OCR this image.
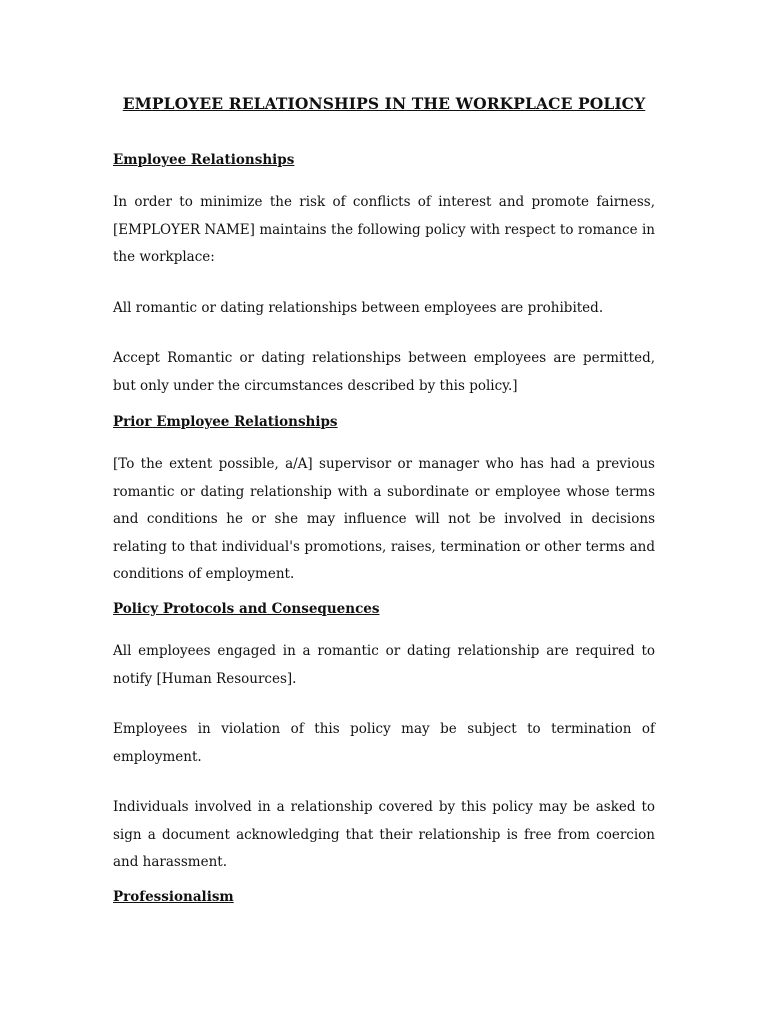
EMPLOYEE RELATIONSHIPS IN THE WORKPLACE POLICY
Employee Relationships

In order to minimize the risk of conflicts of interest and promote fairness, [EMPLOYER NAME] maintains the following policy with respect to romance in the workplace:

All romantic or dating relationships between employees are prohibited.

Accept Romantic or dating relationships between employees are permitted, but only under the circumstances described by this policy.]

Prior Employee Relationships

[To the extent possible, a/A] supervisor or manager who has had a previous romantic or dating relationship with a subordinate or employee whose terms and conditions he or she may influence will not be involved in decisions relating to that individual's promotions, raises, termination or other terms and conditions of employment.

Policy Protocols and Consequences

All employees engaged in a romantic or dating relationship are required to notify [Human Resources].

Employees in violation of this policy may be subject to termination of employment.

Individuals involved in a relationship covered by this policy may be asked to sign a document acknowledging that their relationship is free from coercion and harassment.

Professionalism
